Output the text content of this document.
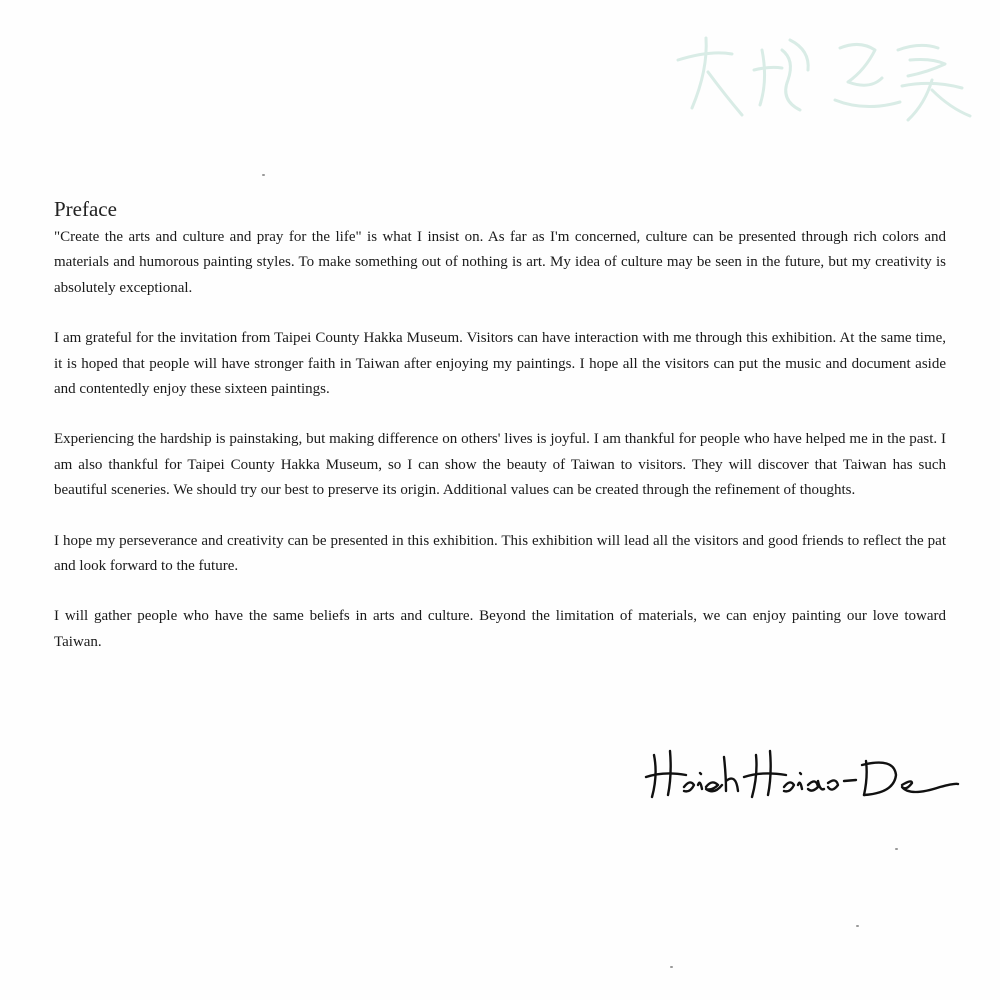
Preface

"Create the arts and culture and pray for the life" is what I insist on. As far as I'm concerned, culture can be presented through rich colors and materials and humorous painting styles. To make something out of nothing is art. My idea of culture may be seen in the future, but my creativity is absolutely exceptional.

I am grateful for the invitation from Taipei County Hakka Museum. Visitors can have interaction with me through this exhibition. At the same time, it is hoped that people will have stronger faith in Taiwan after enjoying my paintings. I hope all the visitors can put the music and document aside and contentedly enjoy these sixteen paintings.

Experiencing the hardship is painstaking, but making difference on others' lives is joyful. I am thankful for people who have helped me in the past. I am also thankful for Taipei County Hakka Museum, so I can show the beauty of Taiwan to visitors. They will discover that Taiwan has such beautiful sceneries. We should try our best to preserve its origin. Additional values can be created through the refinement of thoughts.

I hope my perseverance and creativity can be presented in this exhibition. This exhibition will lead all the visitors and good friends to reflect the pat and look forward to the future.

I will gather people who have the same beliefs in arts and culture. Beyond the limitation of materials, we can enjoy painting our love toward Taiwan.
